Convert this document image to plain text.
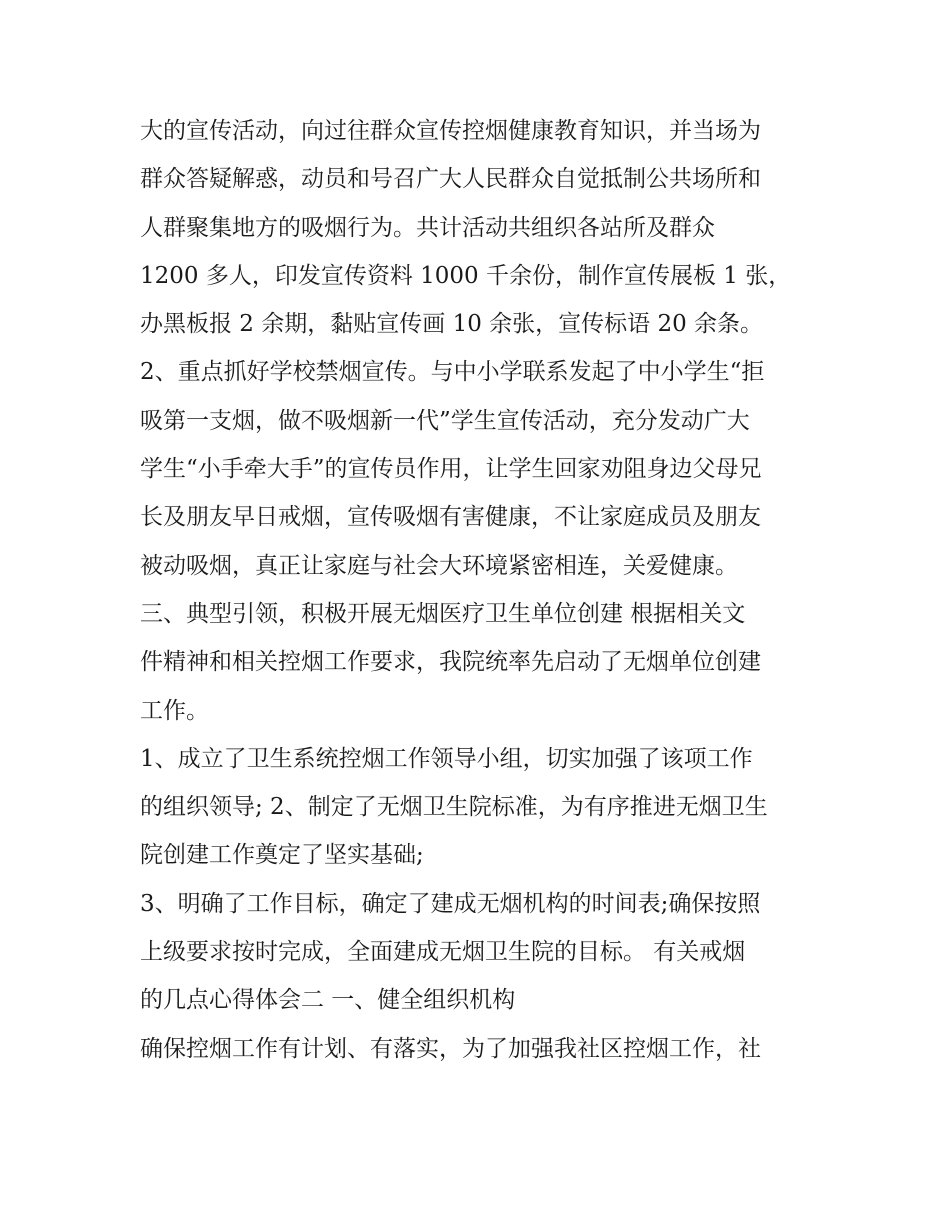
大的宣传活动，向过往群众宣传控烟健康教育知识，并当场为
群众答疑解惑，动员和号召广大人民群众自觉抵制公共场所和
人群聚集地方的吸烟行为。共计活动共组织各站所及群众
1200 多人，印发宣传资料 1000 千余份，制作宣传展板 1 张，
办黑板报 2 余期，黏贴宣传画 10 余张，宣传标语 20 余条。
2、重点抓好学校禁烟宣传。与中小学联系发起了中小学生“拒
吸第一支烟，做不吸烟新一代”学生宣传活动，充分发动广大
学生“小手牵大手”的宣传员作用，让学生回家劝阻身边父母兄
长及朋友早日戒烟，宣传吸烟有害健康，不让家庭成员及朋友
被动吸烟，真正让家庭与社会大环境紧密相连，关爱健康。
三、典型引领，积极开展无烟医疗卫生单位创建 根据相关文
件精神和相关控烟工作要求，我院统率先启动了无烟单位创建
工作。
1、成立了卫生系统控烟工作领导小组，切实加强了该项工作
的组织领导; 2、制定了无烟卫生院标准，为有序推进无烟卫生
院创建工作奠定了坚实基础;
3、明确了工作目标，确定了建成无烟机构的时间表;确保按照
上级要求按时完成，全面建成无烟卫生院的目标。 有关戒烟
的几点心得体会二 一、健全组织机构
确保控烟工作有计划、有落实，为了加强我社区控烟工作，社
